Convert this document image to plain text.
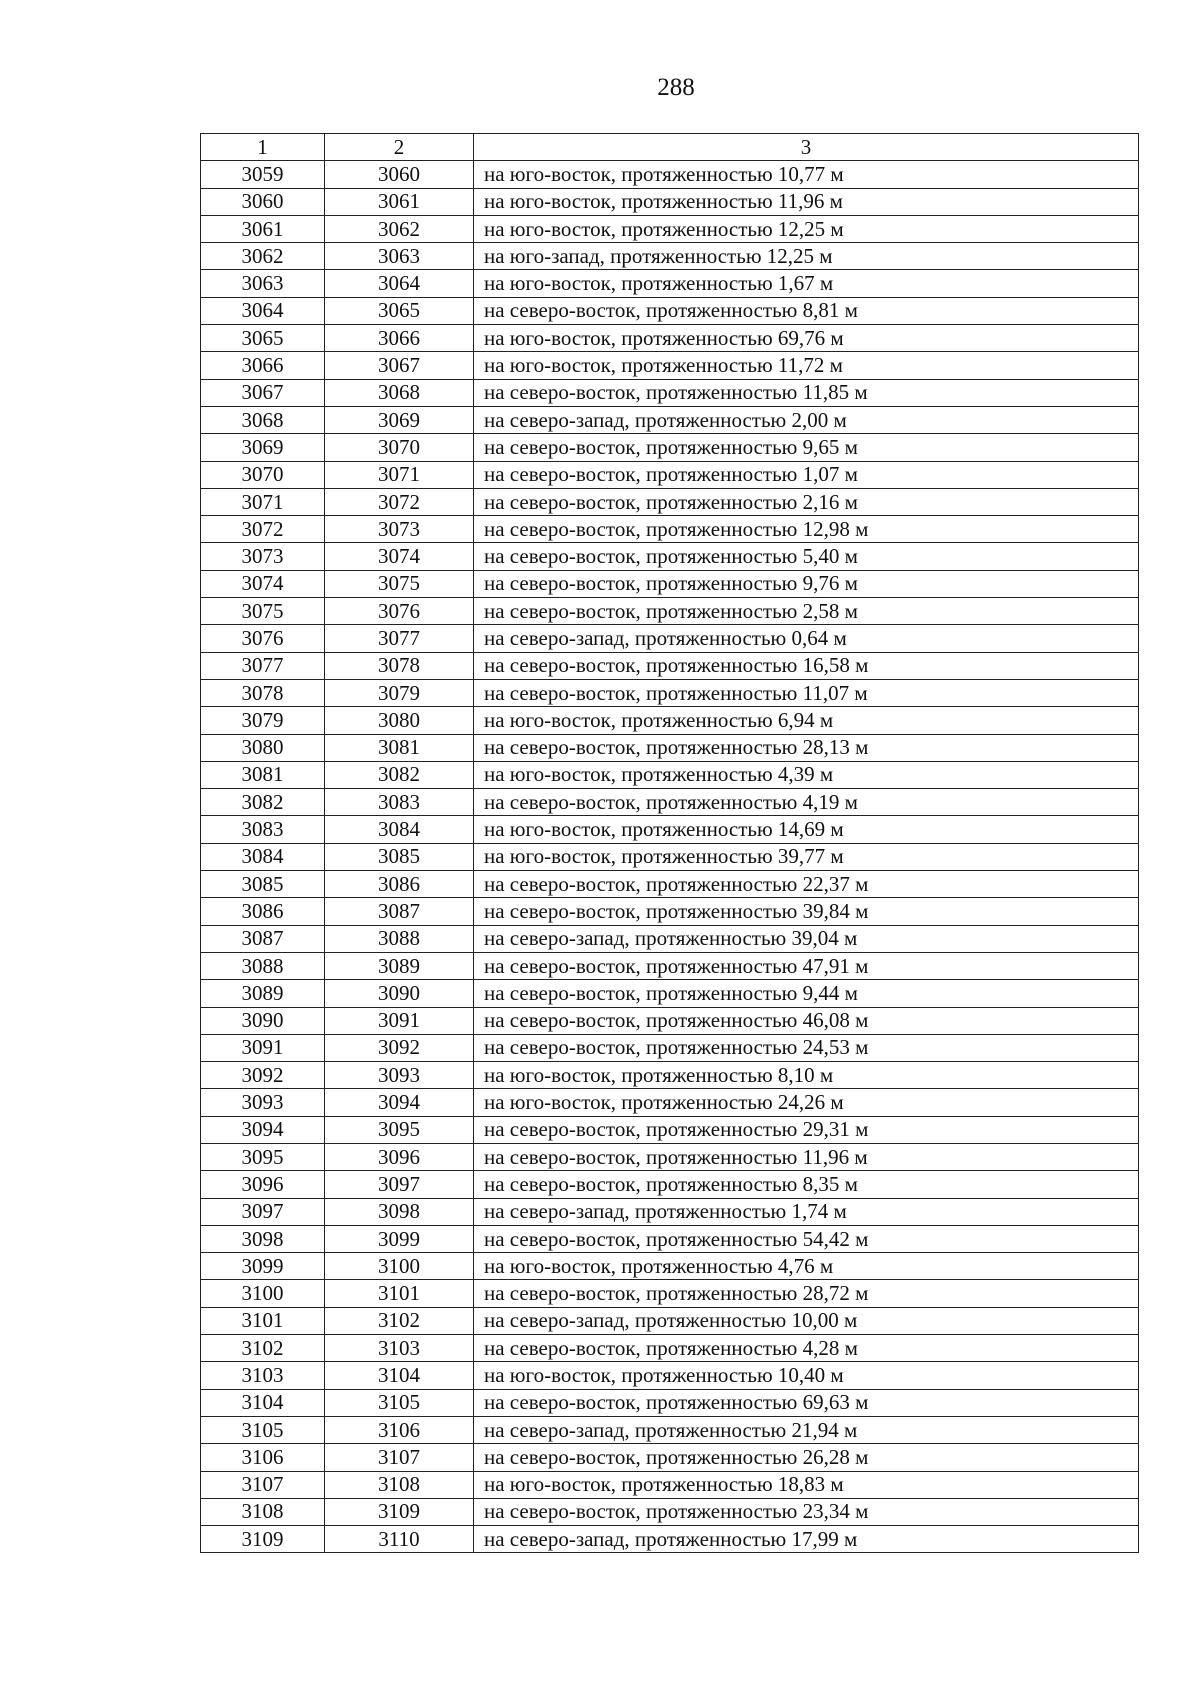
288
1	2	3
3059	3060	на юго-восток, протяженностью 10,77 м
3060	3061	на юго-восток, протяженностью 11,96 м
3061	3062	на юго-восток, протяженностью 12,25 м
3062	3063	на юго-запад, протяженностью 12,25 м
3063	3064	на юго-восток, протяженностью 1,67 м
3064	3065	на северо-восток, протяженностью 8,81 м
3065	3066	на юго-восток, протяженностью 69,76 м
3066	3067	на юго-восток, протяженностью 11,72 м
3067	3068	на северо-восток, протяженностью 11,85 м
3068	3069	на северо-запад, протяженностью 2,00 м
3069	3070	на северо-восток, протяженностью 9,65 м
3070	3071	на северо-восток, протяженностью 1,07 м
3071	3072	на северо-восток, протяженностью 2,16 м
3072	3073	на северо-восток, протяженностью 12,98 м
3073	3074	на северо-восток, протяженностью 5,40 м
3074	3075	на северо-восток, протяженностью 9,76 м
3075	3076	на северо-восток, протяженностью 2,58 м
3076	3077	на северо-запад, протяженностью 0,64 м
3077	3078	на северо-восток, протяженностью 16,58 м
3078	3079	на северо-восток, протяженностью 11,07 м
3079	3080	на юго-восток, протяженностью 6,94 м
3080	3081	на северо-восток, протяженностью 28,13 м
3081	3082	на юго-восток, протяженностью 4,39 м
3082	3083	на северо-восток, протяженностью 4,19 м
3083	3084	на юго-восток, протяженностью 14,69 м
3084	3085	на юго-восток, протяженностью 39,77 м
3085	3086	на северо-восток, протяженностью 22,37 м
3086	3087	на северо-восток, протяженностью 39,84 м
3087	3088	на северо-запад, протяженностью 39,04 м
3088	3089	на северо-восток, протяженностью 47,91 м
3089	3090	на северо-восток, протяженностью 9,44 м
3090	3091	на северо-восток, протяженностью 46,08 м
3091	3092	на северо-восток, протяженностью 24,53 м
3092	3093	на юго-восток, протяженностью 8,10 м
3093	3094	на юго-восток, протяженностью 24,26 м
3094	3095	на северо-восток, протяженностью 29,31 м
3095	3096	на северо-восток, протяженностью 11,96 м
3096	3097	на северо-восток, протяженностью 8,35 м
3097	3098	на северо-запад, протяженностью 1,74 м
3098	3099	на северо-восток, протяженностью 54,42 м
3099	3100	на юго-восток, протяженностью 4,76 м
3100	3101	на северо-восток, протяженностью 28,72 м
3101	3102	на северо-запад, протяженностью 10,00 м
3102	3103	на северо-восток, протяженностью 4,28 м
3103	3104	на юго-восток, протяженностью 10,40 м
3104	3105	на северо-восток, протяженностью 69,63 м
3105	3106	на северо-запад, протяженностью 21,94 м
3106	3107	на северо-восток, протяженностью 26,28 м
3107	3108	на юго-восток, протяженностью 18,83 м
3108	3109	на северо-восток, протяженностью 23,34 м
3109	3110	на северо-запад, протяженностью 17,99 м
